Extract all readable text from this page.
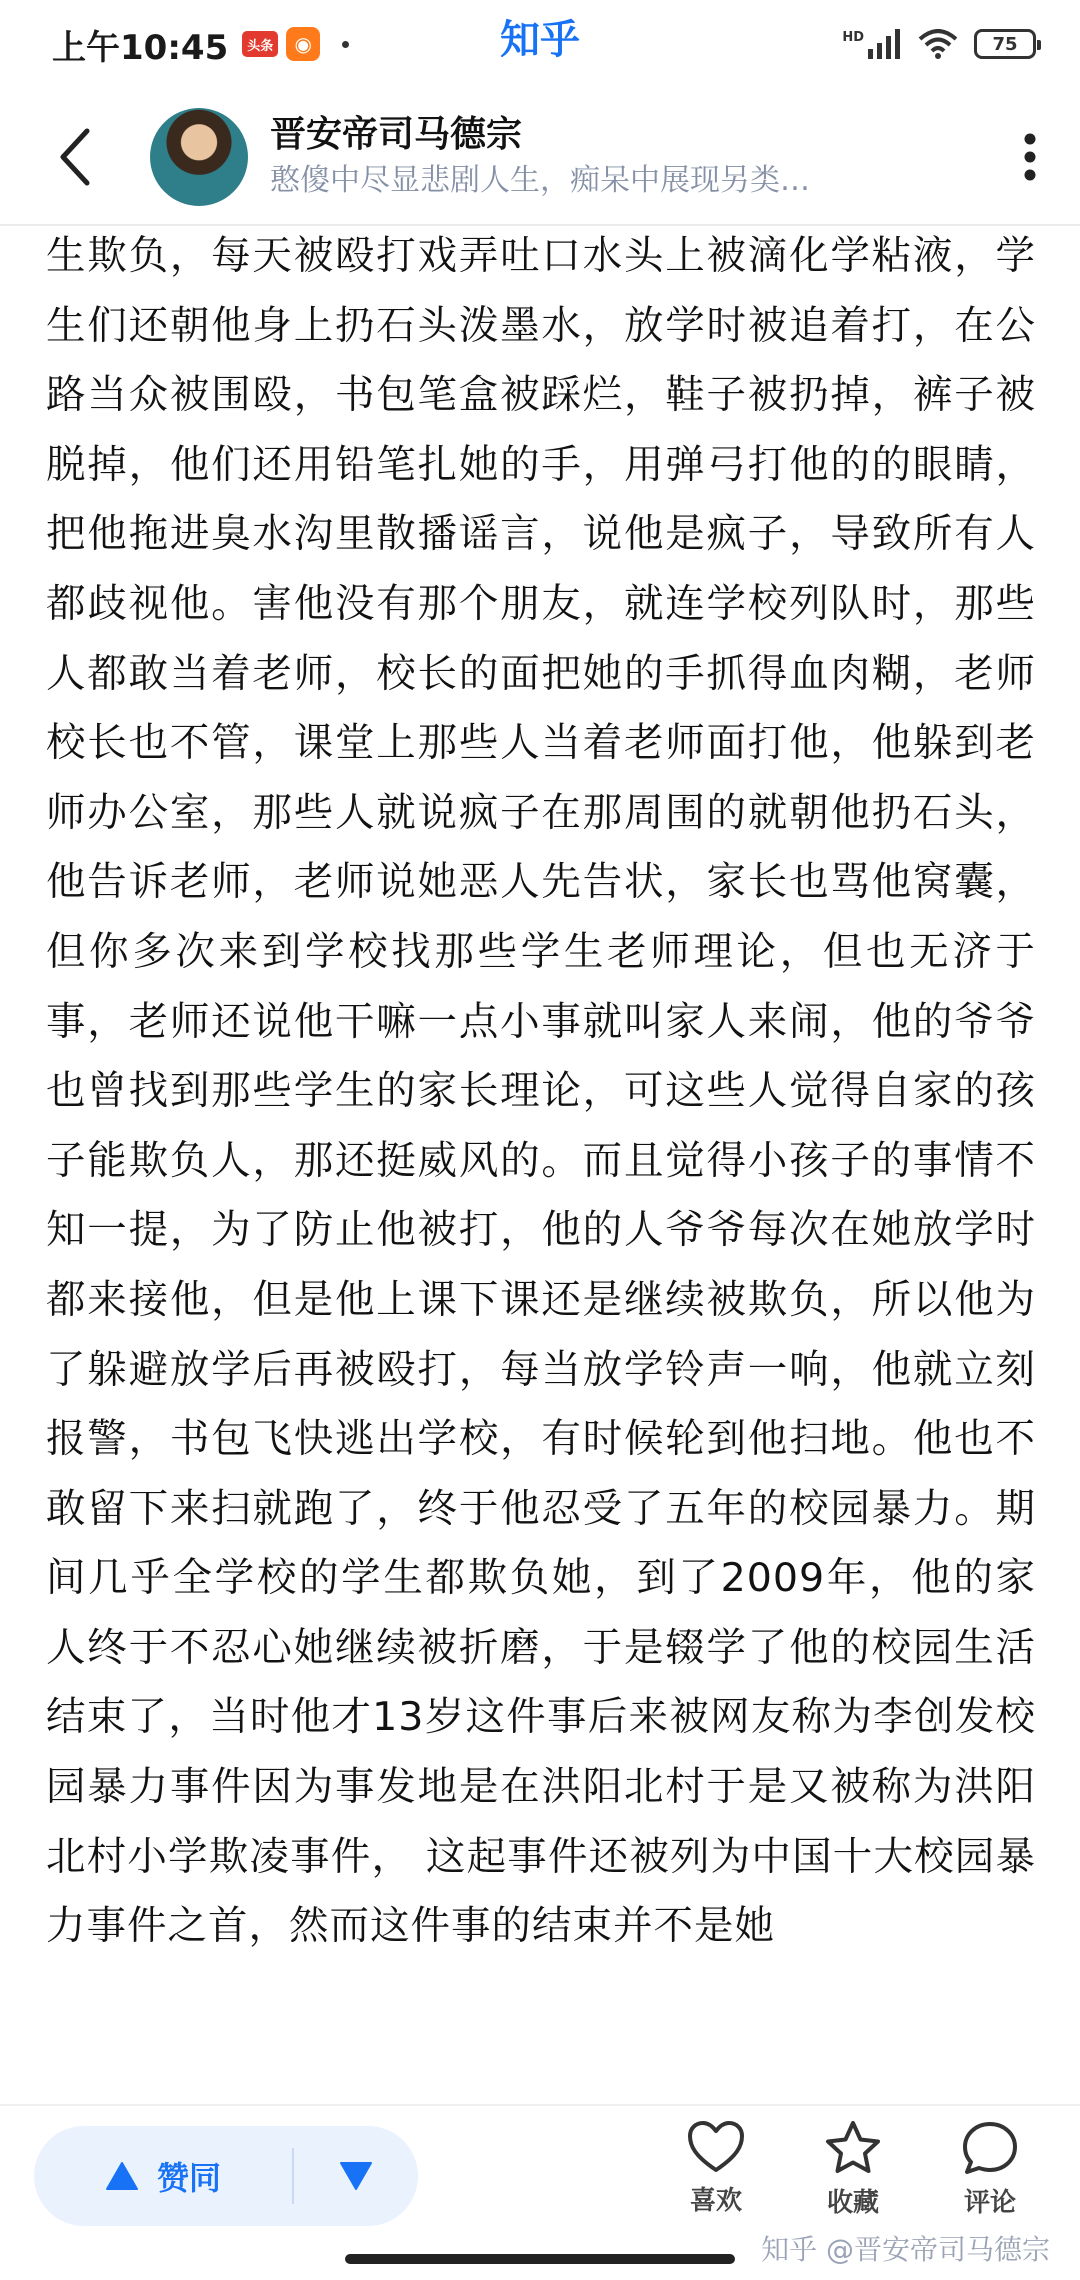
上午10:45	头条	◉	知乎	HD	75
晋安帝司马德宗
憨傻中尽显悲剧人生，痴呆中展现另类…

生欺负，每天被殴打戏弄吐口水头上被滴化学粘液，学生们还朝他身上扔石头泼墨水，放学时被追着打，在公路当众被围殴，书包笔盒被踩烂，鞋子被扔掉，裤子被脱掉，他们还用铅笔扎她的手，用弹弓打他的的眼睛，把他拖进臭水沟里散播谣言，说他是疯子，导致所有人都歧视他。害他没有那个朋友，就连学校列队时，那些人都敢当着老师，校长的面把她的手抓得血肉糊，老师校长也不管，课堂上那些人当着老师面打他，他躲到老师办公室，那些人就说疯子在那周围的就朝他扔石头，他告诉老师，老师说她恶人先告状，家长也骂他窝囊，但你多次来到学校找那些学生老师理论，但也无济于事，老师还说他干嘛一点小事就叫家人来闹，他的爷爷也曾找到那些学生的家长理论，可这些人觉得自家的孩子能欺负人，那还挺威风的。而且觉得小孩子的事情不知一提，为了防止他被打，他的人爷爷每次在她放学时都来接他，但是他上课下课还是继续被欺负，所以他为了躲避放学后再被殴打，每当放学铃声一响，他就立刻报警，书包飞快逃出学校，有时候轮到他扫地。他也不敢留下来扫就跑了，终于他忍受了五年的校园暴力。期间几乎全学校的学生都欺负她，到了2009年，他的家人终于不忍心她继续被折磨，于是辍学了他的校园生活结束了，当时他才13岁这件事后来被网友称为李创发校园暴力事件因为事发地是在洪阳北村于是又被称为洪阳北村小学欺凌事件， 这起事件还被列为中国十大校园暴力事件之首，然而这件事的结束并不是她

赞同
喜欢	收藏	评论
知乎 @晋安帝司马德宗
